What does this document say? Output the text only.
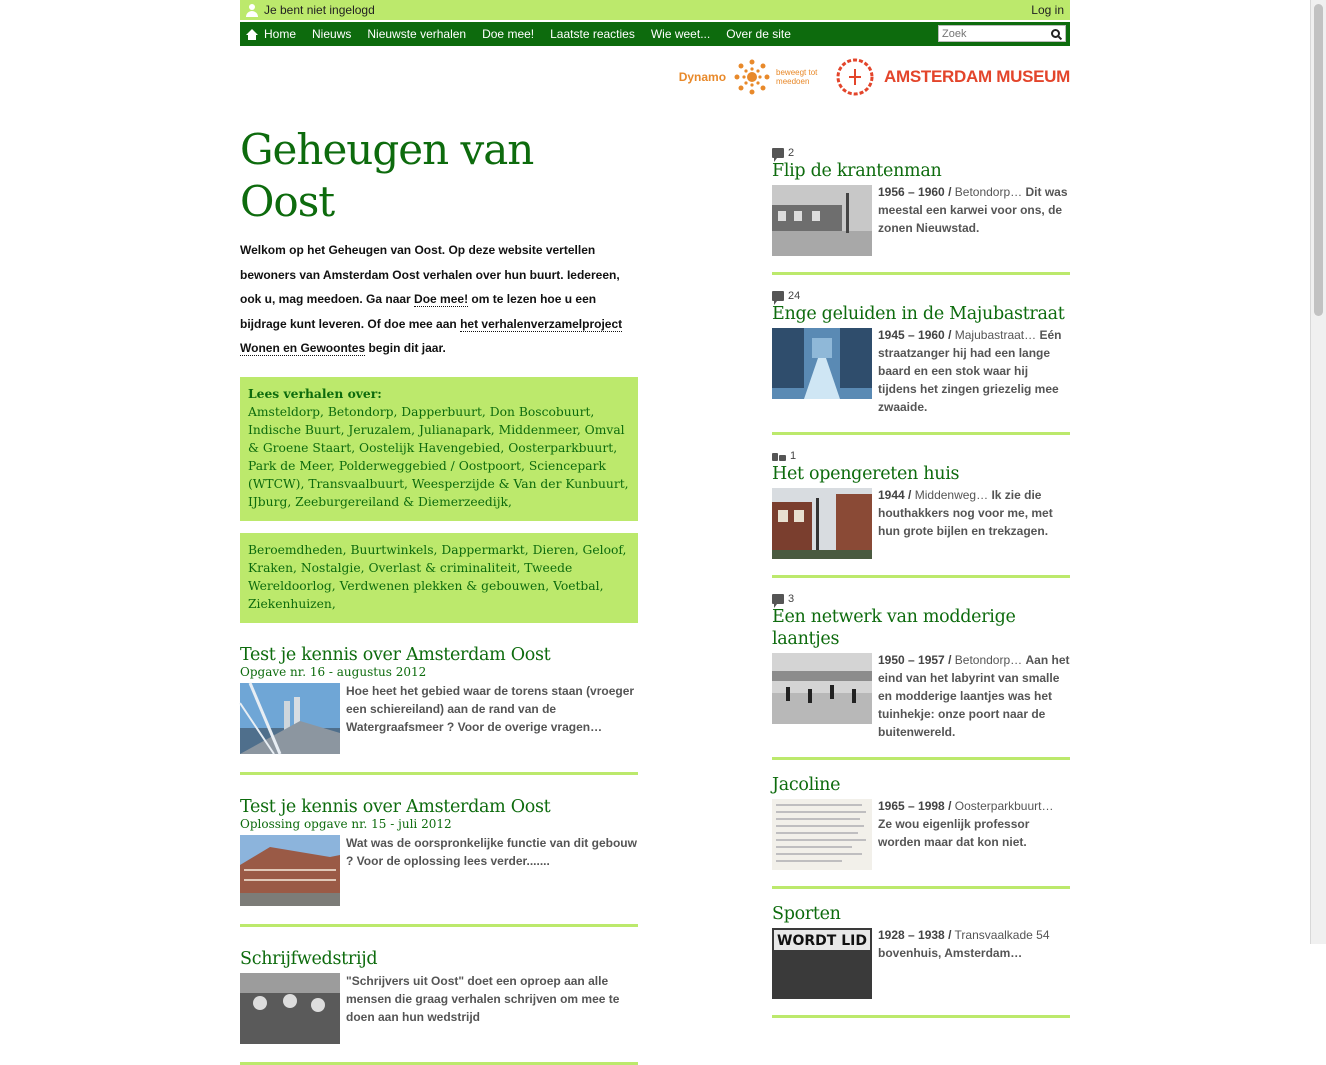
Je bent niet ingelogd	Log in
Home Nieuws Nieuwste verhalen Doe mee! Laatste reacties Wie weet... Over de site
Zoek
Dynamo	beweegt tot meedoen	AMSTERDAM MUSEUM
Geheugen van Oost

Welkom op het Geheugen van Oost. Op deze website vertellen bewoners van Amsterdam Oost verhalen over hun buurt. Iedereen, ook u, mag meedoen. Ga naar Doe mee! om te lezen hoe u een bijdrage kunt leveren. Of doe mee aan het verhalenverzamelproject Wonen en Gewoontes begin dit jaar.

Lees verhalen over:
Amsteldorp, Betondorp, Dapperbuurt, Don Boscobuurt, Indische Buurt, Jeruzalem, Julianapark, Middenmeer, Omval & Groene Staart, Oostelijk Havengebied, Oosterparkbuurt, Park de Meer, Polderweggebied / Oostpoort, Sciencepark (WTCW), Transvaalbuurt, Weesperzijde & Van der Kunbuurt, IJburg, Zeeburgereiland & Diemerzeedijk,
Beroemdheden, Buurtwinkels, Dappermarkt, Dieren, Geloof, Kraken, Nostalgie, Overlast & criminaliteit, Tweede Wereldoorlog, Verdwenen plekken & gebouwen, Voetbal, Ziekenhuizen,
Test je kennis over Amsterdam Oost
Opgave nr. 16 - augustus 2012
Hoe heet het gebied waar de torens staan (vroeger een schiereiland) aan de rand van de Watergraafsmeer ? Voor de overige vragen…
Test je kennis over Amsterdam Oost
Oplossing opgave nr. 15 - juli 2012
Wat was de oorspronkelijke functie van dit gebouw ? Voor de oplossing lees verder.......
Schrijfwedstrijd
"Schrijvers uit Oost" doet een oproep aan alle mensen die graag verhalen schrijven om mee te doen aan hun wedstrijd
2
Flip de krantenman
1956 – 1960 / Betondorp… Dit was meestal een karwei voor ons, de zonen Nieuwstad.
24
Enge geluiden in de Majubastraat
1945 – 1960 / Majubastraat… Eén straatzanger hij had een lange baard en een stok waar hij tijdens het zingen griezelig mee zwaaide.
1
Het opengereten huis
1944 / Middenweg… Ik zie die houthakkers nog voor me, met hun grote bijlen en trekzagen.
3
Een netwerk van modderige laantjes
1950 – 1957 / Betondorp… Aan het eind van het labyrint van smalle en modderige laantjes was het tuinhekje: onze poort naar de buitenwereld.
Jacoline
1965 – 1998 / Oosterparkbuurt… Ze wou eigenlijk professor worden maar dat kon niet.
Sporten
WORDT LID 1928 – 1938 / Transvaalkade 54 bovenhuis, Amsterdam…
